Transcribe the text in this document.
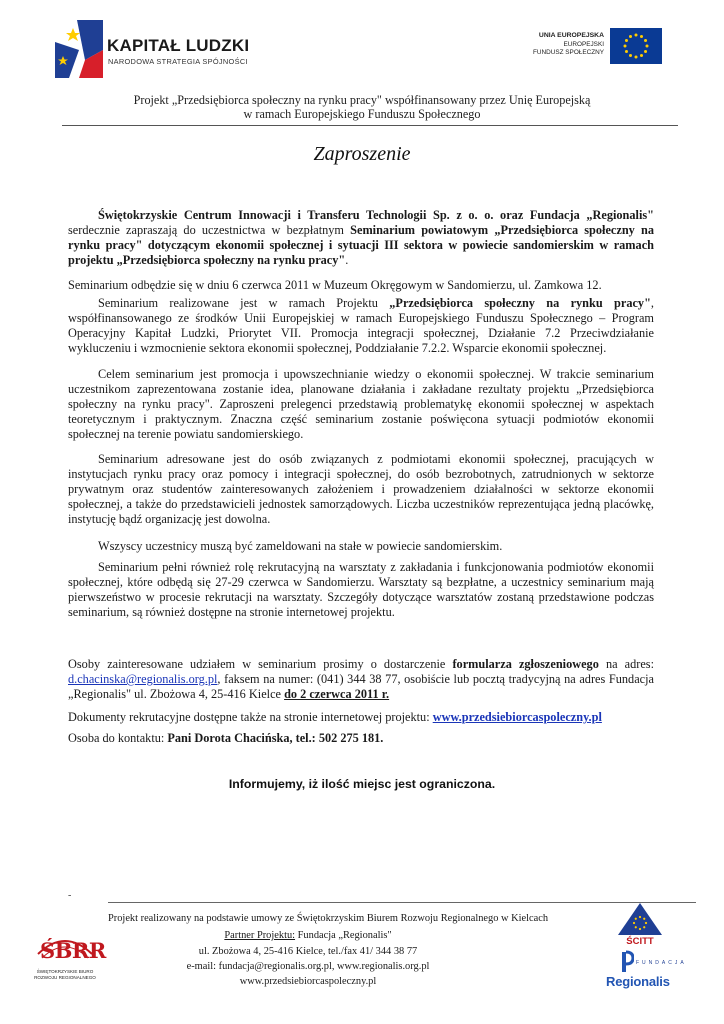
KAPITAŁ LUDZKI
NARODOWA STRATEGIA SPÓJNOŚCI
UNIA EUROPEJSKA
EUROPEJSKI
FUNDUSZ SPOŁECZNY
Projekt „Przedsiębiorca społeczny na rynku pracy" współfinansowany przez Unię Europejską
w ramach Europejskiego Funduszu Społecznego
Zaproszenie
Świętokrzyskie Centrum Innowacji i Transferu Technologii Sp. z o. o. oraz Fundacja „Regionalis" serdecznie zapraszają do uczestnictwa w bezpłatnym Seminarium powiatowym „Przedsiębiorca społeczny na rynku pracy" dotyczącym ekonomii społecznej i sytuacji III sektora w powiecie sandomierskim w ramach projektu „Przedsiębiorca społeczny na rynku pracy".
Seminarium odbędzie się w dniu 6 czerwca 2011 w Muzeum Okręgowym w Sandomierzu, ul. Zamkowa 12.
Seminarium realizowane jest w ramach Projektu „Przedsiębiorca społeczny na rynku pracy", współfinansowanego ze środków Unii Europejskiej w ramach Europejskiego Funduszu Społecznego – Program Operacyjny Kapitał Ludzki, Priorytet VII. Promocja integracji społecznej, Działanie 7.2 Przeciwdziałanie wykluczeniu i wzmocnienie sektora ekonomii społecznej, Poddziałanie 7.2.2. Wsparcie ekonomii społecznej.
Celem seminarium jest promocja i upowszechnianie wiedzy o ekonomii społecznej. W trakcie seminarium uczestnikom zaprezentowana zostanie idea, planowane działania i zakładane rezultaty projektu „Przedsiębiorca społeczny na rynku pracy". Zaproszeni prelegenci przedstawią problematykę ekonomii społecznej w aspektach teoretycznym i praktycznym. Znaczna część seminarium zostanie poświęcona sytuacji podmiotów ekonomii społecznej na terenie powiatu sandomierskiego.
Seminarium adresowane jest do osób związanych z podmiotami ekonomii społecznej, pracujących w instytucjach rynku pracy oraz pomocy i integracji społecznej, do osób bezrobotnych, zatrudnionych w sektorze prywatnym oraz studentów zainteresowanych założeniem i prowadzeniem działalności w sektorze ekonomii społecznej, a także do przedstawicieli jednostek samorządowych. Liczba uczestników reprezentująca jedną placówkę, instytucję bądź organizację jest dowolna.
Wszyscy uczestnicy muszą być zameldowani na stałe w powiecie sandomierskim.
Seminarium pełni również rolę rekrutacyjną na warsztaty z zakładania i funkcjonowania podmiotów ekonomii społecznej, które odbędą się 27-29 czerwca w Sandomierzu. Warsztaty są bezpłatne, a uczestnicy seminarium mają pierwszeństwo w procesie rekrutacji na warsztaty. Szczegóły dotyczące warsztatów zostaną przedstawione podczas seminarium, są również dostępne na stronie internetowej projektu.
Osoby zainteresowane udziałem w seminarium prosimy o dostarczenie formularza zgłoszeniowego na adres: d.chacinska@regionalis.org.pl, faksem na numer: (041) 344 38 77, osobiście lub pocztą tradycyjną na adres Fundacja „Regionalis" ul. Zbożowa 4, 25-416 Kielce do 2 czerwca 2011 r.
Dokumenty rekrutacyjne dostępne także na stronie internetowej projektu: www.przedsiebiorcaspoleczny.pl
Osoba do kontaktu: Pani Dorota Chacińska, tel.: 502 275 181.
Informujemy, iż ilość miejsc jest ograniczona.
-
ŚBRR
ŚWIĘTOKRZYSKIE BIURO
ROZWOJU REGIONALNEGO
Projekt realizowany na podstawie umowy ze Świętokrzyskim Biurem Rozwoju Regionalnego w Kielcach
Partner Projektu: Fundacja „Regionalis"
ul. Zbożowa 4, 25-416 Kielce, tel./fax 41/ 344 38 77
e-mail: fundacja@regionalis.org.pl, www.regionalis.org.pl
www.przedsiebiorcaspoleczny.pl
ŚCITT
FUNDACJA
Regionalis
